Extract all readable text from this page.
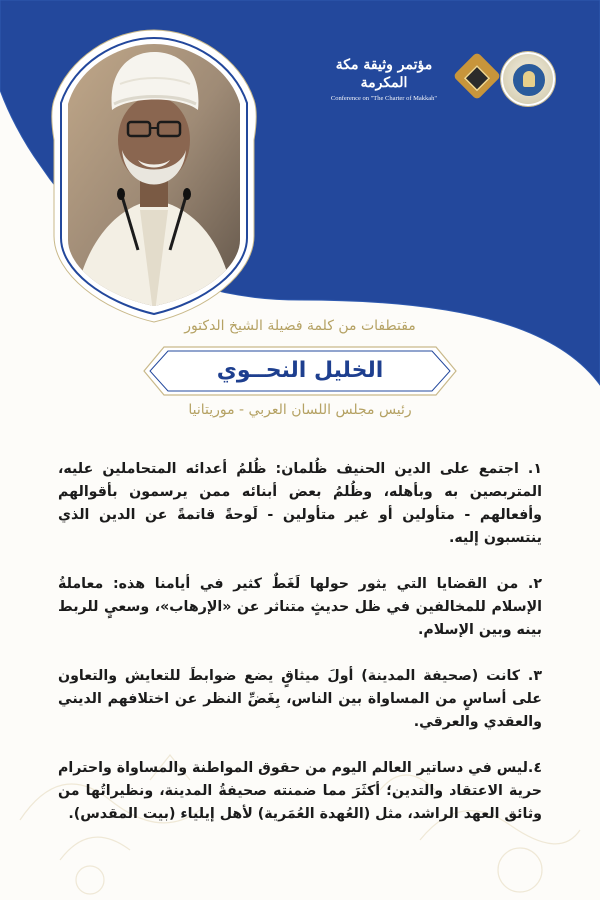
مؤتمر وثيقة مكة المكرمة
Conference on "The Charter of Makkah"
مقتطفات من كلمة فضيلة الشيخ الدكتور
الخليل النحــوي
رئيس مجلس اللسان العربي - موريتانيا

١. اجتمع على الدين الحنيف ظُلمان: ظُلمُ أعدائه المتحاملين عليه، المتربصين به وبأهله، وظُلمُ بعض أبنائه ممن يرسمون بأقوالهم وأفعالهم - متأولين أو غير متأولين - لَوحةً قاتمةً عن الدين الذي ينتسبون إليه.

٢. من القضايا التي يثور حولها لَغَطٌ كثير في أيامنا هذه: معاملةُ الإسلام للمخالفين في ظل حديثٍ متناثر عن «الإرهاب»، وسعيٍ للربط بينه وبين الإسلام.

٣. كانت (صحيفة المدينة) أولَ ميثاقٍ يضع ضوابطَ للتعايش والتعاون على أساسٍ من المساواة بين الناس، بِغَضِّ النظر عن اختلافهم الديني والعقدي والعرقي.

٤.ليس في دساتير العالم اليوم من حقوق المواطنة والمساواة واحترام حرية الاعتقاد والتدين؛ أكثَرَ مما ضمنته صحيفةُ المدينة، ونظيراتُها من وثائق العهد الراشد، مثل (العُهدة العُمَرية) لأهل إيلياء (بيت المقدس).
